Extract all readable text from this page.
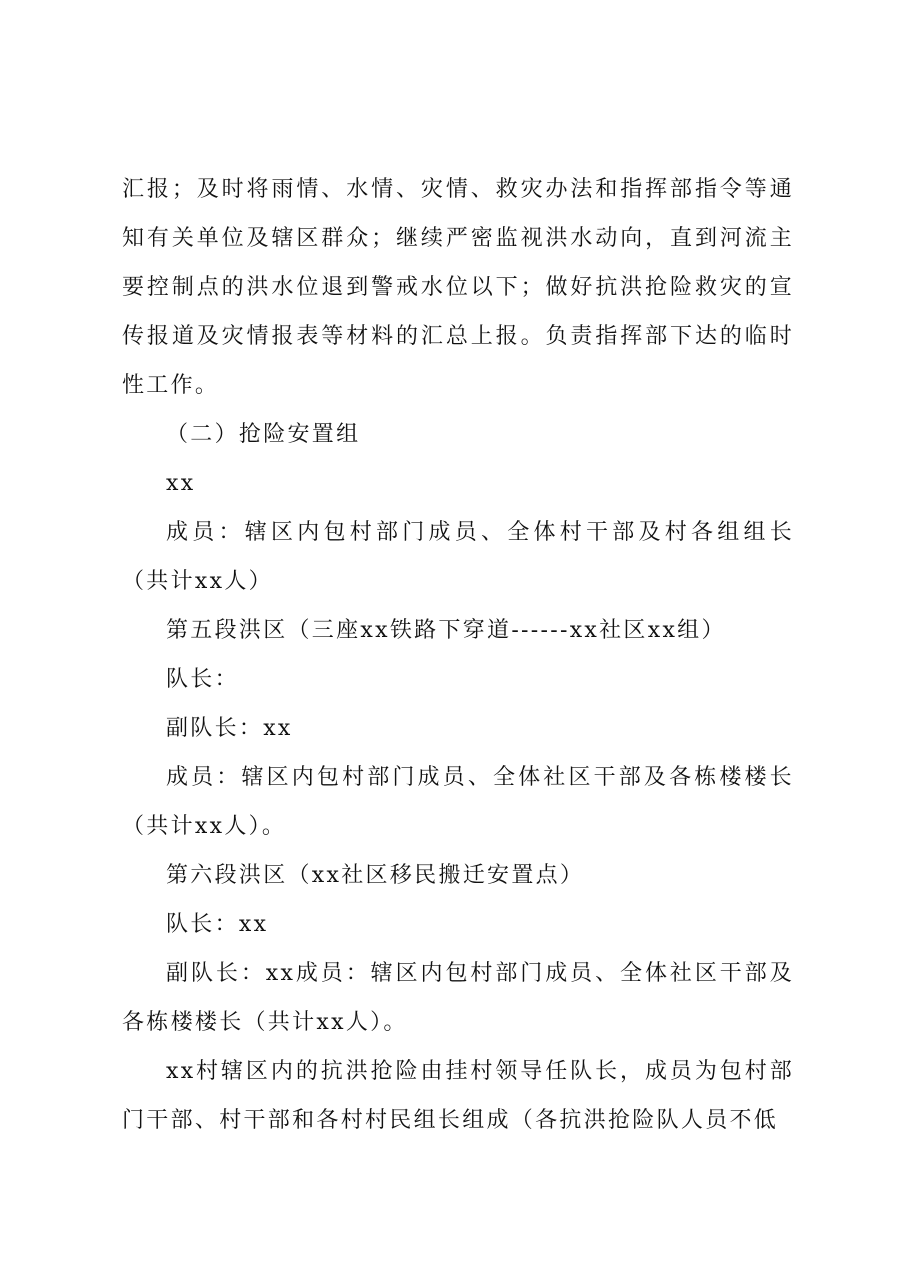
汇报；及时将雨情、水情、灾情、救灾办法和指挥部指令等通知有关单位及辖区群众；继续严密监视洪水动向，直到河流主要控制点的洪水位退到警戒水位以下；做好抗洪抢险救灾的宣传报道及灾情报表等材料的汇总上报。负责指挥部下达的临时性工作。

（二）抢险安置组

xx

成员：辖区内包村部门成员、全体村干部及村各组组长（共计xx人）

第五段洪区（三座xx铁路下穿道------xx社区xx组）

队长：

副队长：xx

成员：辖区内包村部门成员、全体社区干部及各栋楼楼长（共计xx人）。

第六段洪区（xx社区移民搬迁安置点）

队长：xx

副队长：xx成员：辖区内包村部门成员、全体社区干部及各栋楼楼长（共计xx人）。

xx村辖区内的抗洪抢险由挂村领导任队长，成员为包村部门干部、村干部和各村村民组长组成（各抗洪抢险队人员不低
